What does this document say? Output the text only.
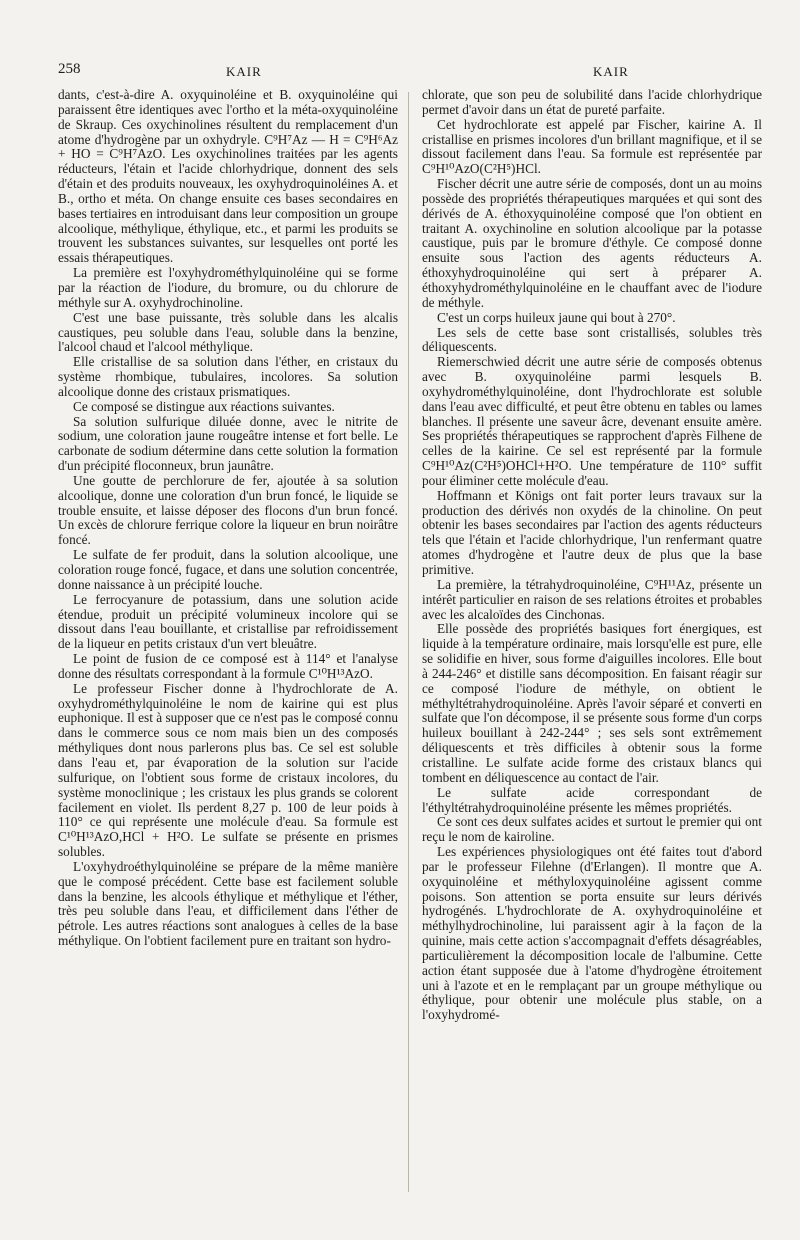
258	KAIR	KAIR

dants, c'est-à-dire A. oxyquinoléine et B. oxyquinoléine qui paraissent être identiques avec l'ortho et la méta-oxyquinoléine de Skraup. Ces oxychinolines résultent du remplacement d'un atome d'hydrogène par un oxhydryle. C⁹H⁷Az — H = C⁹H⁶Az + HO = C⁹H⁷AzO. Les oxychinolines traitées par les agents réducteurs, l'étain et l'acide chlorhydrique, donnent des sels d'étain et des produits nouveaux, les oxyhydroquinoléines A. et B., ortho et méta. On change ensuite ces bases secondaires en bases tertiaires en introduisant dans leur composition un groupe alcoolique, méthylique, éthylique, etc., et parmi les produits se trouvent les substances suivantes, sur lesquelles ont porté les essais thérapeutiques.

La première est l'oxyhydrométhylquinoléine qui se forme par la réaction de l'iodure, du bromure, ou du chlorure de méthyle sur A. oxyhydrochinoline.

C'est une base puissante, très soluble dans les alcalis caustiques, peu soluble dans l'eau, soluble dans la benzine, l'alcool chaud et l'alcool méthylique.

Elle cristallise de sa solution dans l'éther, en cristaux du système rhombique, tubulaires, incolores. Sa solution alcoolique donne des cristaux prismatiques.

Ce composé se distingue aux réactions suivantes.

Sa solution sulfurique diluée donne, avec le nitrite de sodium, une coloration jaune rougeâtre intense et fort belle. Le carbonate de sodium détermine dans cette solution la formation d'un précipité floconneux, brun jaunâtre.

Une goutte de perchlorure de fer, ajoutée à sa solution alcoolique, donne une coloration d'un brun foncé, le liquide se trouble ensuite, et laisse déposer des flocons d'un brun foncé. Un excès de chlorure ferrique colore la liqueur en brun noirâtre foncé.

Le sulfate de fer produit, dans la solution alcoolique, une coloration rouge foncé, fugace, et dans une solution concentrée, donne naissance à un précipité louche.

Le ferrocyanure de potassium, dans une solution acide étendue, produit un précipité volumineux incolore qui se dissout dans l'eau bouillante, et cristallise par refroidissement de la liqueur en petits cristaux d'un vert bleuâtre.

Le point de fusion de ce composé est à 114° et l'analyse donne des résultats correspondant à la formule C¹⁰H¹³AzO.

Le professeur Fischer donne à l'hydrochlorate de A. oxyhydrométhylquinoléine le nom de kairine qui est plus euphonique. Il est à supposer que ce n'est pas le composé connu dans le commerce sous ce nom mais bien un des composés méthyliques dont nous parlerons plus bas. Ce sel est soluble dans l'eau et, par évaporation de la solution sur l'acide sulfurique, on l'obtient sous forme de cristaux incolores, du système monoclinique ; les cristaux les plus grands se colorent facilement en violet. Ils perdent 8,27 p. 100 de leur poids à 110° ce qui représente une molécule d'eau. Sa formule est C¹⁰H¹³AzO,HCl + H²O. Le sulfate se présente en prismes solubles.

L'oxyhydroéthylquinoléine se prépare de la même manière que le composé précédent. Cette base est facilement soluble dans la benzine, les alcools éthylique et méthylique et l'éther, très peu soluble dans l'eau, et difficilement dans l'éther de pétrole. Les autres réactions sont analogues à celles de la base méthylique. On l'obtient facilement pure en traitant son hydro-

chlorate, que son peu de solubilité dans l'acide chlorhydrique permet d'avoir dans un état de pureté parfaite.

Cet hydrochlorate est appelé par Fischer, kairine A. Il cristallise en prismes incolores d'un brillant magnifique, et il se dissout facilement dans l'eau. Sa formule est représentée par C⁹H¹⁰AzO(C²H⁵)HCl.

Fischer décrit une autre série de composés, dont un au moins possède des propriétés thérapeutiques marquées et qui sont des dérivés de A. éthoxyquinoléine composé que l'on obtient en traitant A. oxychinoline en solution alcoolique par la potasse caustique, puis par le bromure d'éthyle. Ce composé donne ensuite sous l'action des agents réducteurs A. éthoxyhydroquinoléine qui sert à préparer A. éthoxyhydrométhylquinoléine en le chauffant avec de l'iodure de méthyle.

C'est un corps huileux jaune qui bout à 270°.

Les sels de cette base sont cristallisés, solubles très déliquescents.

Riemerschwied décrit une autre série de composés obtenus avec B. oxyquinoléine parmi lesquels B. oxyhydrométhylquinoléine, dont l'hydrochlorate est soluble dans l'eau avec difficulté, et peut être obtenu en tables ou lames blanches. Il présente une saveur âcre, devenant ensuite amère. Ses propriétés thérapeutiques se rapprochent d'après Filhene de celles de la kairine. Ce sel est représenté par la formule C⁹H¹⁰Az(C²H⁵)OHCl+H²O. Une température de 110° suffit pour éliminer cette molécule d'eau.

Hoffmann et Königs ont fait porter leurs travaux sur la production des dérivés non oxydés de la chinoline. On peut obtenir les bases secondaires par l'action des agents réducteurs tels que l'étain et l'acide chlorhydrique, l'un renfermant quatre atomes d'hydrogène et l'autre deux de plus que la base primitive.

La première, la tétrahydroquinoléine, C⁹H¹¹Az, présente un intérêt particulier en raison de ses relations étroites et probables avec les alcaloïdes des Cinchonas.

Elle possède des propriétés basiques fort énergiques, est liquide à la température ordinaire, mais lorsqu'elle est pure, elle se solidifie en hiver, sous forme d'aiguilles incolores. Elle bout à 244-246° et distille sans décomposition. En faisant réagir sur ce composé l'iodure de méthyle, on obtient le méthyltétrahydroquinoléine. Après l'avoir séparé et converti en sulfate que l'on décompose, il se présente sous forme d'un corps huileux bouillant à 242-244° ; ses sels sont extrêmement déliquescents et très difficiles à obtenir sous la forme cristalline. Le sulfate acide forme des cristaux blancs qui tombent en déliquescence au contact de l'air.

Le sulfate acide correspondant de l'éthyltétrahydroquinoléine présente les mêmes propriétés.

Ce sont ces deux sulfates acides et surtout le premier qui ont reçu le nom de kairoline.

Les expériences physiologiques ont été faites tout d'abord par le professeur Filehne (d'Erlangen). Il montre que A. oxyquinoléine et méthyloxyquinoléine agissent comme poisons. Son attention se porta ensuite sur leurs dérivés hydrogénés. L'hydrochlorate de A. oxyhydroquinoléine et méthylhydrochinoline, lui paraissent agir à la façon de la quinine, mais cette action s'accompagnait d'effets désagréables, particulièrement la décomposition locale de l'albumine. Cette action étant supposée due à l'atome d'hydrogène étroitement uni à l'azote et en le remplaçant par un groupe méthylique ou éthylique, pour obtenir une molécule plus stable, on a l'oxyhydromé-
